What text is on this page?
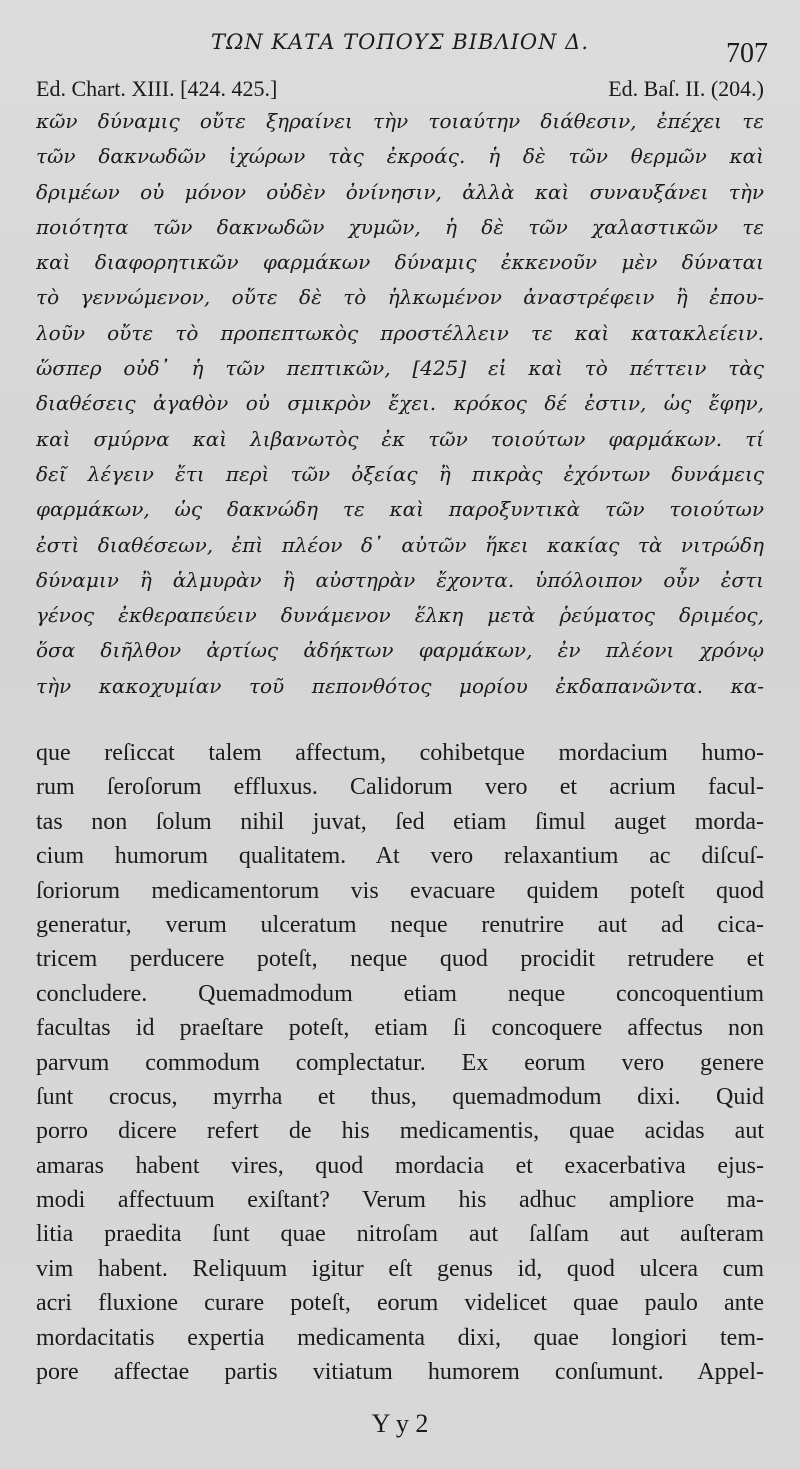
ΤΩΝ ΚΑΤΑ ΤΟΠΟΥΣ ΒΙΒΛΙΟΝ Δ.	707
Ed. Chart. XIII. [424. 425.]	Ed. Baſ. II. (204.)
κῶν δύναμις οὔτε ξηραίνει τὴν τοιαύτην διάθεσιν, ἐπέχει τε
τῶν δακνωδῶν ἰχώρων τὰς ἐκροάς. ἡ δὲ τῶν θερμῶν καὶ
δριμέων οὐ μόνον οὐδὲν ὀνίνησιν, ἀλλὰ καὶ συναυξάνει τὴν
ποιότητα τῶν δακνωδῶν χυμῶν, ἡ δὲ τῶν χαλαστικῶν τε
καὶ διαφορητικῶν φαρμάκων δύναμις ἐκκενοῦν μὲν δύναται
τὸ γεννώμενον, οὔτε δὲ τὸ ἡλκωμένον ἀναστρέφειν ἢ ἐπου-
λοῦν οὔτε τὸ προπεπτωκὸς προστέλλειν τε καὶ κατακλείειν.
ὥσπερ οὐδ᾽ ἡ τῶν πεπτικῶν, [425] εἰ καὶ τὸ πέττειν τὰς
διαθέσεις ἀγαθὸν οὐ σμικρὸν ἔχει. κρόκος δέ ἐστιν, ὡς ἔφην,
καὶ σμύρνα καὶ λιβανωτὸς ἐκ τῶν τοιούτων φαρμάκων. τί
δεῖ λέγειν ἔτι περὶ τῶν ὀξείας ἢ πικρὰς ἐχόντων δυνάμεις
φαρμάκων, ὡς δακνώδη τε καὶ παροξυντικὰ τῶν τοιούτων
ἐστὶ διαθέσεων, ἐπὶ πλέον δ᾽ αὐτῶν ἥκει κακίας τὰ νιτρώδη
δύναμιν ἢ ἁλμυρὰν ἢ αὐστηρὰν ἔχοντα. ὑπόλοιπον οὖν ἐστι
γένος ἐκθεραπεύειν δυνάμενον ἕλκη μετὰ ῥεύματος δριμέος,
ὅσα διῆλθον ἀρτίως ἀδήκτων φαρμάκων, ἐν πλέονι χρόνῳ
τὴν κακοχυμίαν τοῦ πεπονθότος μορίου ἐκδαπανῶντα. κα-
que reſiccat talem affectum, cohibetque mordacium humo-
rum ſeroſorum effluxus. Calidorum vero et acrium facul-
tas non ſolum nihil juvat, ſed etiam ſimul auget morda-
cium humorum qualitatem. At vero relaxantium ac diſcuſ-
ſoriorum medicamentorum vis evacuare quidem poteſt quod
generatur, verum ulceratum neque renutrire aut ad cica-
tricem perducere poteſt, neque quod procidit retrudere et
concludere. Quemadmodum etiam neque concoquentium
facultas id praeſtare poteſt, etiam ſi concoquere affectus non
parvum commodum complectatur. Ex eorum vero genere
ſunt crocus, myrrha et thus, quemadmodum dixi. Quid
porro dicere refert de his medicamentis, quae acidas aut
amaras habent vires, quod mordacia et exacerbativa ejus-
modi affectuum exiſtant? Verum his adhuc ampliore ma-
litia praedita ſunt quae nitroſam aut ſalſam aut auſteram
vim habent. Reliquum igitur eſt genus id, quod ulcera cum
acri fluxione curare poteſt, eorum videlicet quae paulo ante
mordacitatis expertia medicamenta dixi, quae longiori tem-
pore affectae partis vitiatum humorem conſumunt. Appel-
Y y 2
